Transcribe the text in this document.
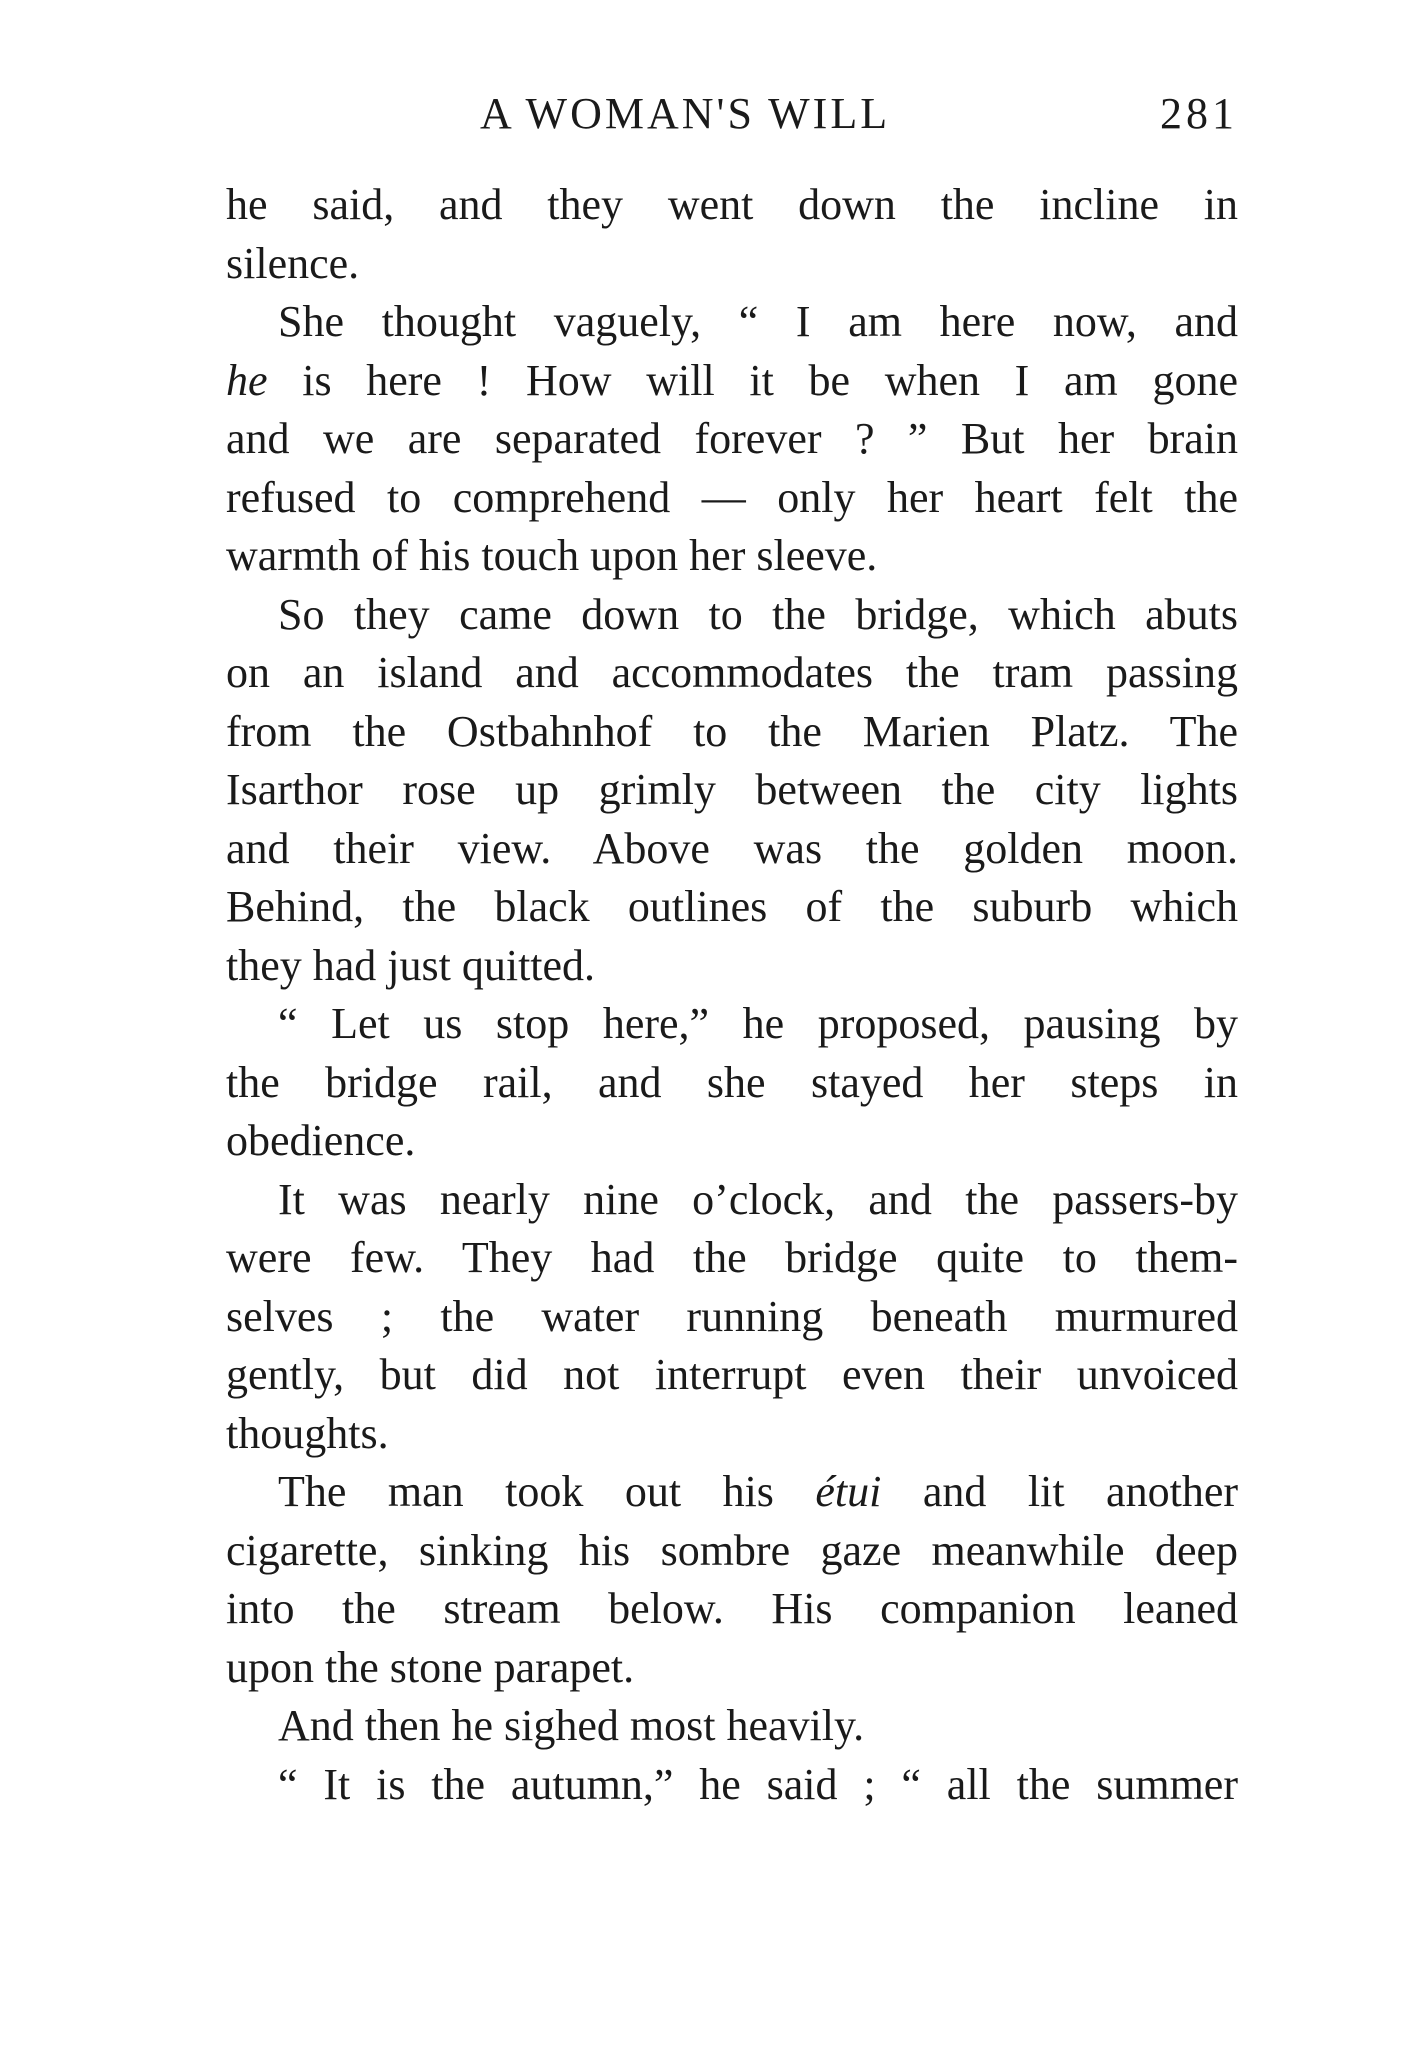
A WOMAN'S WILL	281
he said, and they went down the incline in
silence.
She thought vaguely, “ I am here now, and
he is here ! How will it be when I am gone
and we are separated forever ? ” But her brain
refused to comprehend — only her heart felt the
warmth of his touch upon her sleeve.
So they came down to the bridge, which abuts
on an island and accommodates the tram passing
from the Ostbahnhof to the Marien Platz. The
Isarthor rose up grimly between the city lights
and their view. Above was the golden moon.
Behind, the black outlines of the suburb which
they had just quitted.
“ Let us stop here,” he proposed, pausing by
the bridge rail, and she stayed her steps in
obedience.
It was nearly nine o’clock, and the passers-by
were few. They had the bridge quite to them-
selves ; the water running beneath murmured
gently, but did not interrupt even their unvoiced
thoughts.
The man took out his étui and lit another
cigarette, sinking his sombre gaze meanwhile deep
into the stream below. His companion leaned
upon the stone parapet.
And then he sighed most heavily.
“ It is the autumn,” he said ; “ all the summer
